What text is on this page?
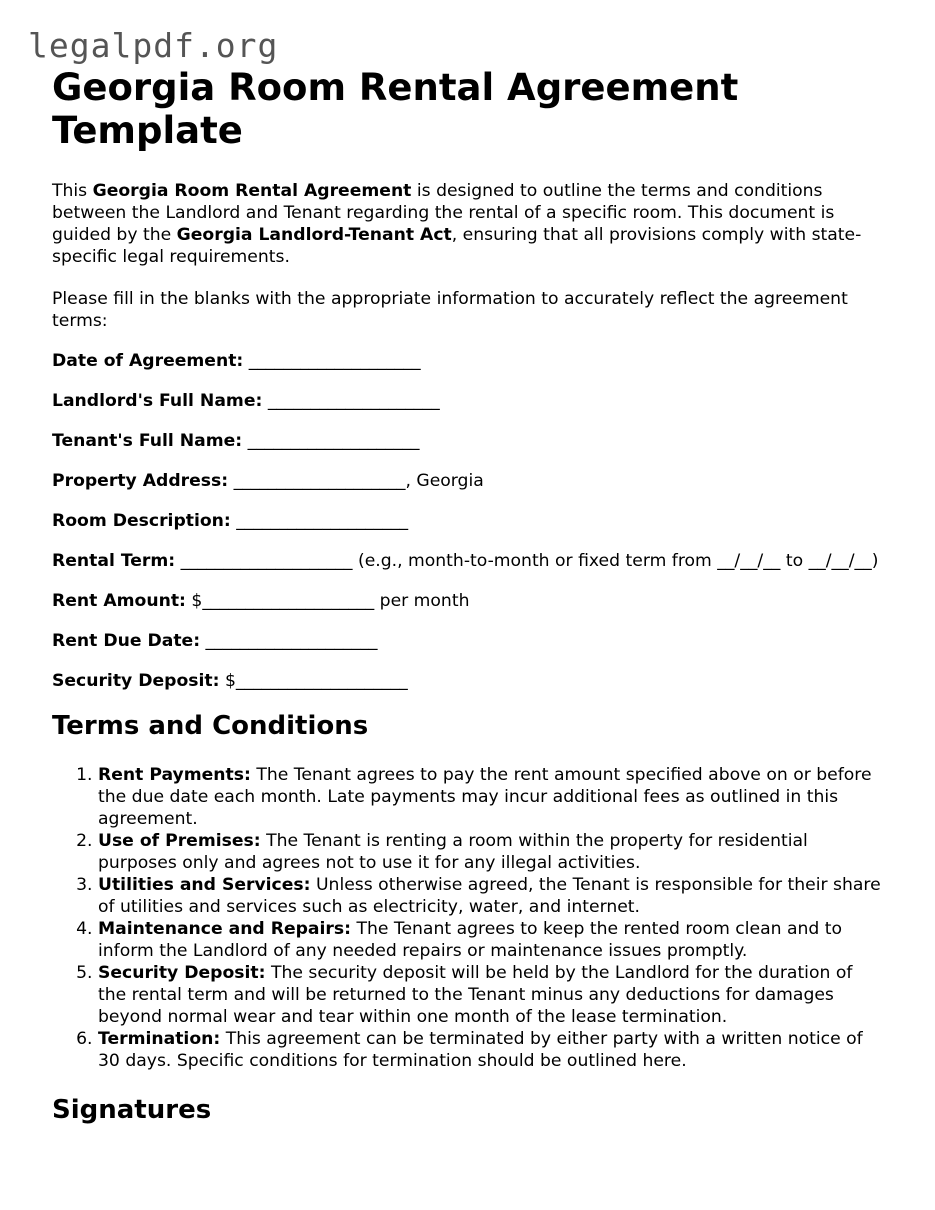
legalpdf.org
Georgia Room Rental Agreement Template

This Georgia Room Rental Agreement is designed to outline the terms and conditions between the Landlord and Tenant regarding the rental of a specific room. This document is guided by the Georgia Landlord-Tenant Act, ensuring that all provisions comply with state-specific legal requirements.

Please fill in the blanks with the appropriate information to accurately reflect the agreement terms:

Date of Agreement: ____________________
Landlord's Full Name: ____________________
Tenant's Full Name: ____________________
Property Address: ____________________, Georgia
Room Description: ____________________
Rental Term: ____________________ (e.g., month-to-month or fixed term from __/__/__ to __/__/__)
Rent Amount: $____________________ per month
Rent Due Date: ____________________
Security Deposit: $____________________
Terms and Conditions
1. Rent Payments: The Tenant agrees to pay the rent amount specified above on or before the due date each month. Late payments may incur additional fees as outlined in this agreement.
2. Use of Premises: The Tenant is renting a room within the property for residential purposes only and agrees not to use it for any illegal activities.
3. Utilities and Services: Unless otherwise agreed, the Tenant is responsible for their share of utilities and services such as electricity, water, and internet.
4. Maintenance and Repairs: The Tenant agrees to keep the rented room clean and to inform the Landlord of any needed repairs or maintenance issues promptly.
5. Security Deposit: The security deposit will be held by the Landlord for the duration of the rental term and will be returned to the Tenant minus any deductions for damages beyond normal wear and tear within one month of the lease termination.
6. Termination: This agreement can be terminated by either party with a written notice of 30 days. Specific conditions for termination should be outlined here.
Signatures
